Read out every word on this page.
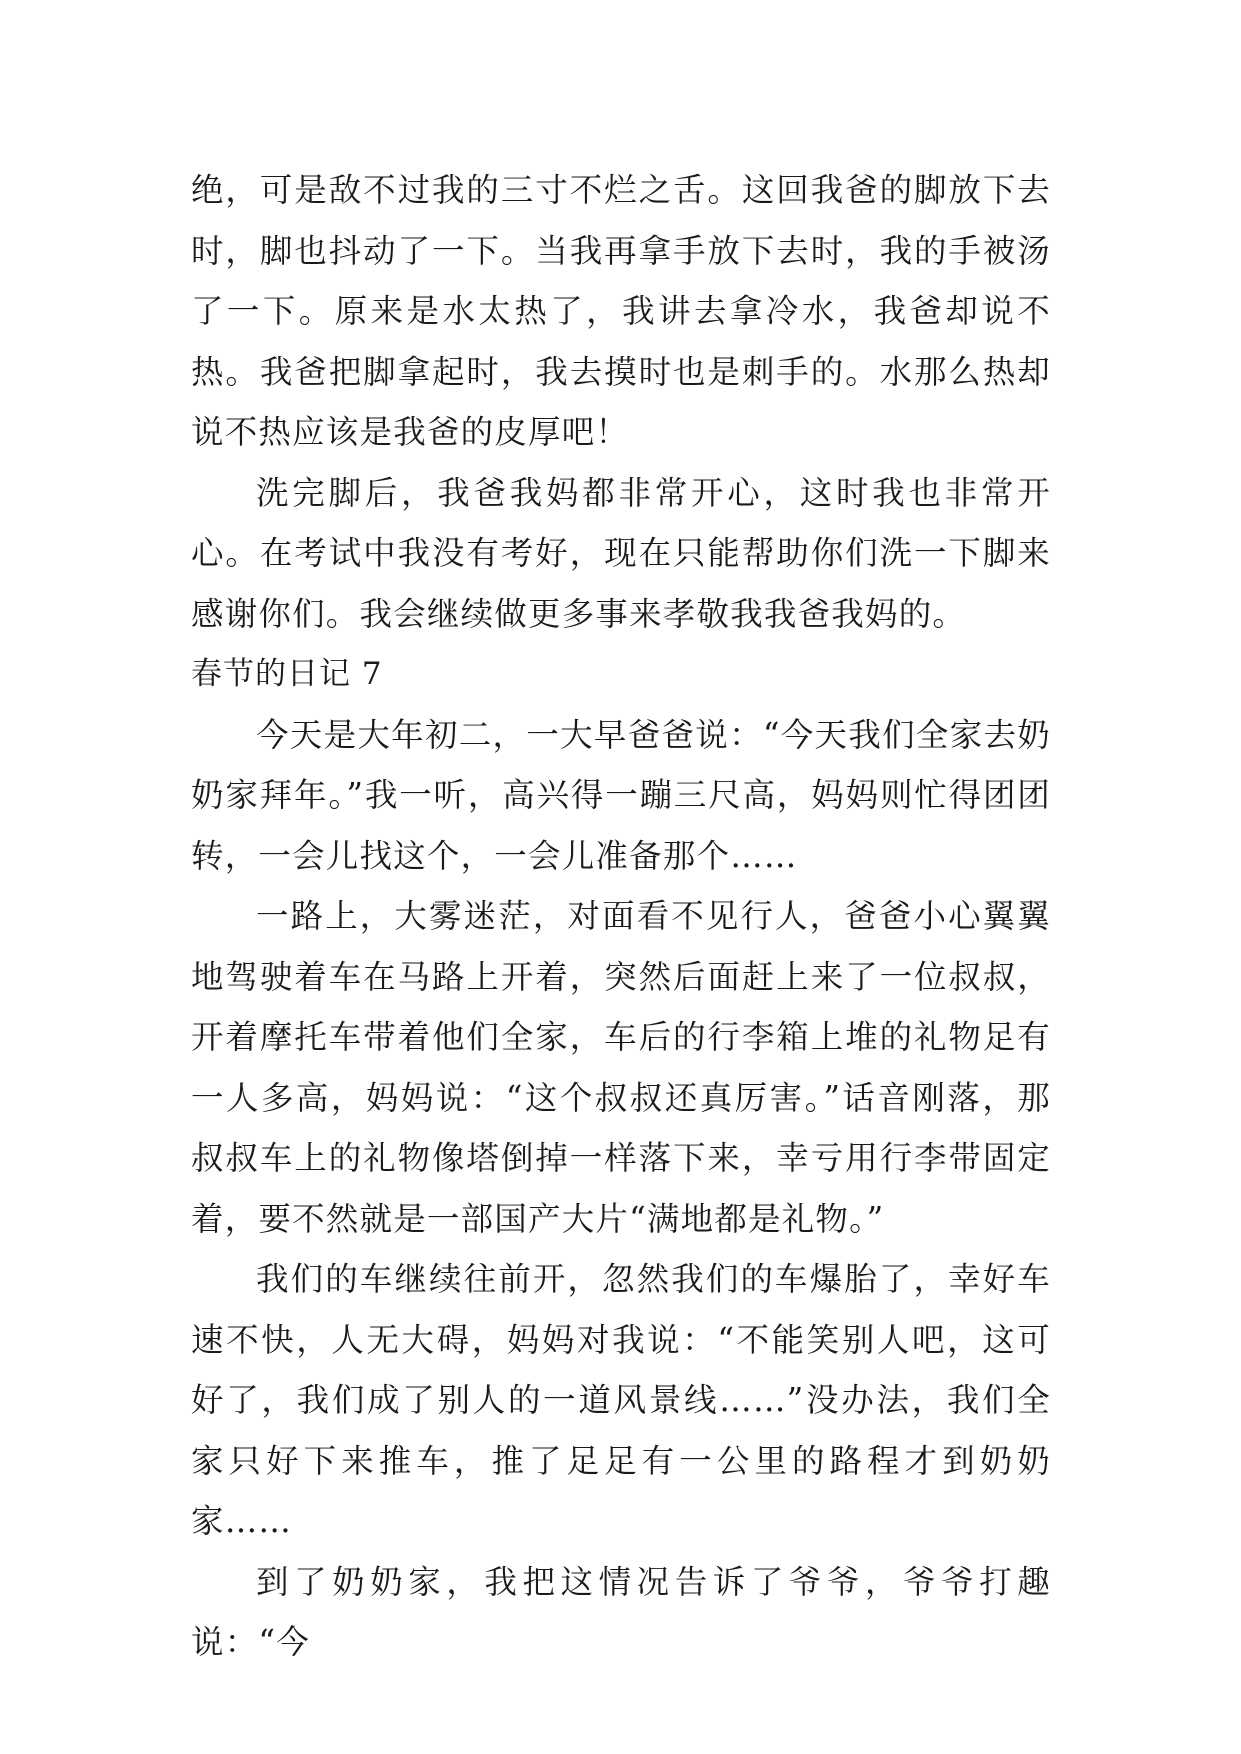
绝，可是敌不过我的三寸不烂之舌。这回我爸的脚放下去时，脚也抖动了一下。当我再拿手放下去时，我的手被汤了一下。原来是水太热了，我讲去拿冷水，我爸却说不热。我爸把脚拿起时，我去摸时也是刺手的。水那么热却说不热应该是我爸的皮厚吧！

洗完脚后，我爸我妈都非常开心，这时我也非常开心。在考试中我没有考好，现在只能帮助你们洗一下脚来感谢你们。我会继续做更多事来孝敬我我爸我妈的。

春节的日记 7

今天是大年初二，一大早爸爸说：“今天我们全家去奶奶家拜年。”我一听，高兴得一蹦三尺高，妈妈则忙得团团转，一会儿找这个，一会儿准备那个……

一路上，大雾迷茫，对面看不见行人，爸爸小心翼翼地驾驶着车在马路上开着，突然后面赶上来了一位叔叔，开着摩托车带着他们全家，车后的行李箱上堆的礼物足有一人多高，妈妈说：“这个叔叔还真厉害。”话音刚落，那叔叔车上的礼物像塔倒掉一样落下来，幸亏用行李带固定着，要不然就是一部国产大片“满地都是礼物。”

我们的车继续往前开，忽然我们的车爆胎了，幸好车速不快，人无大碍，妈妈对我说：“不能笑别人吧，这可好了，我们成了别人的一道风景线……”没办法，我们全家只好下来推车，推了足足有一公里的路程才到奶奶家……

到了奶奶家，我把这情况告诉了爷爷，爷爷打趣说：“今
